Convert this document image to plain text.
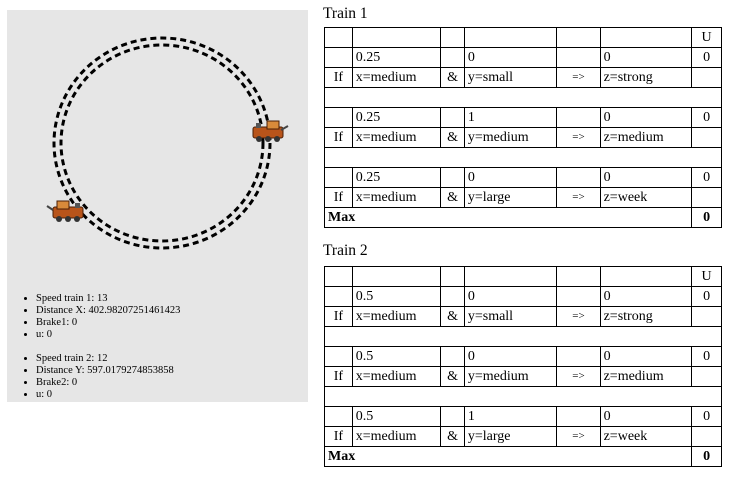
• Speed train 1: 13
• Distance X: 402.98207251461423
• Brake1: 0
• u: 0
• Speed train 2: 12
• Distance Y: 597.0179274853858
• Brake2: 0
• u: 0
Train 1
						U
	0.25		0		0	0
If	x=medium	&	y=small	=>	z=strong	

	0.25		1		0	0
If	x=medium	&	y=medium	=>	z=medium	

	0.25		0		0	0
If	x=medium	&	y=large	=>	z=week	
Max						0
Train 2
						U
	0.5		0		0	0
If	x=medium	&	y=small	=>	z=strong	

	0.5		0		0	0
If	x=medium	&	y=medium	=>	z=medium	

	0.5		1		0	0
If	x=medium	&	y=large	=>	z=week	
Max						0
